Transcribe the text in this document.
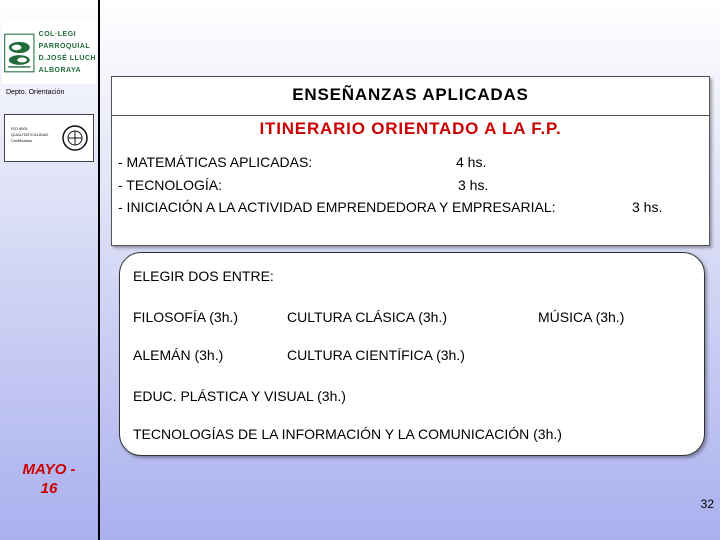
COL·LEGI
PARROQUIAL
D.JOSÉ LLUCH
ALBORAYA
Depto. Orientación
ISO 9001
QUALITAT/CALIDAD
Certificados
MAYO -
16
ENSEÑANZAS APLICADAS
ITINERARIO ORIENTADO A LA F.P.
- MATEMÁTICAS APLICADAS:	4 hs.
- TECNOLOGÍA:	3 hs.
- INICIACIÓN A LA ACTIVIDAD EMPRENDEDORA Y EMPRESARIAL:	3 hs.
ELEGIR DOS ENTRE:
FILOSOFÍA (3h.)	CULTURA CLÁSICA (3h.)	MÚSICA (3h.)
ALEMÁN (3h.)	CULTURA CIENTÍFICA (3h.)
EDUC. PLÁSTICA Y VISUAL (3h.)
TECNOLOGÍAS DE LA INFORMACIÓN Y LA COMUNICACIÓN (3h.)
32
